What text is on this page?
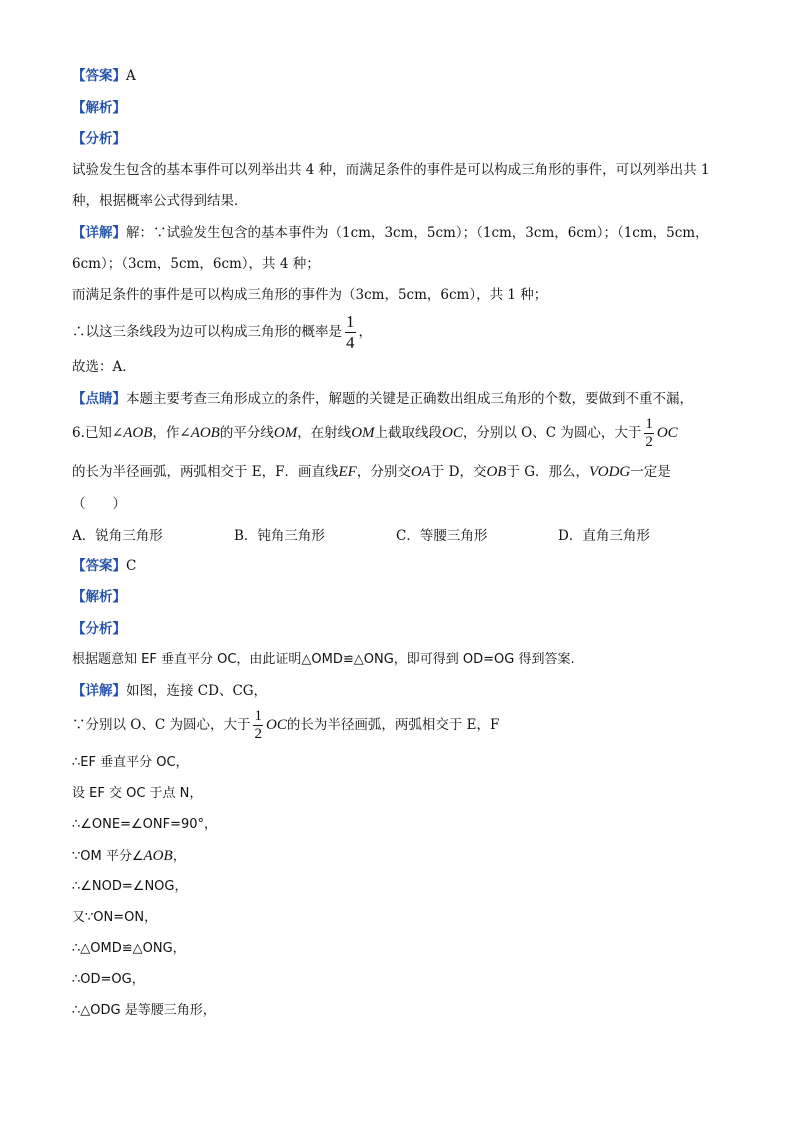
【答案】A
【解析】
【分析】
试验发生包含的基本事件可以列举出共 4 种，而满足条件的事件是可以构成三角形的事件，可以列举出共 1
种，根据概率公式得到结果．
【详解】解：∵试验发生包含的基本事件为（1cm，3cm，5cm）；（1cm，3cm，6cm）；（1cm，5cm，
6cm）；（3cm，5cm，6cm），共 4 种；
而满足条件的事件是可以构成三角形的事件为（3cm，5cm，6cm），共 1 种；
∴以这三条线段为边可以构成三角形的概率是 $\frac{1}{4}$ ，
故选：A．
【点睛】本题主要考查三角形成立的条件，解题的关键是正确数出组成三角形的个数，要做到不重不漏，
6.已知∠AOB，作∠AOB的平分线OM，在射线OM上截取线段OC，分别以 O、C 为圆心，大于 $\frac{1}{2}$ OC
的长为半径画弧，两弧相交于 E，F．画直线EF，分别交OA于 D，交OB于 G．那么，VODG一定是
（　　）
A．锐角三角形	B．钝角三角形	C．等腰三角形	D．直角三角形
【答案】C
【解析】
【分析】
根据题意知 EF 垂直平分 OC，由此证明△OMD≌△ONG，即可得到 OD=OG 得到答案.
【详解】如图，连接 CD、CG，
∵分别以 O、C 为圆心，大于 $\frac{1}{2}$ OC的长为半径画弧，两弧相交于 E，F
∴EF 垂直平分 OC，
设 EF 交 OC 于点 N，
∴∠ONE=∠ONF=90°，
∵OM 平分∠AOB，
∴∠NOD=∠NOG，
又∵ON=ON，
∴△OMD≌△ONG，
∴OD=OG，
∴△ODG 是等腰三角形，
